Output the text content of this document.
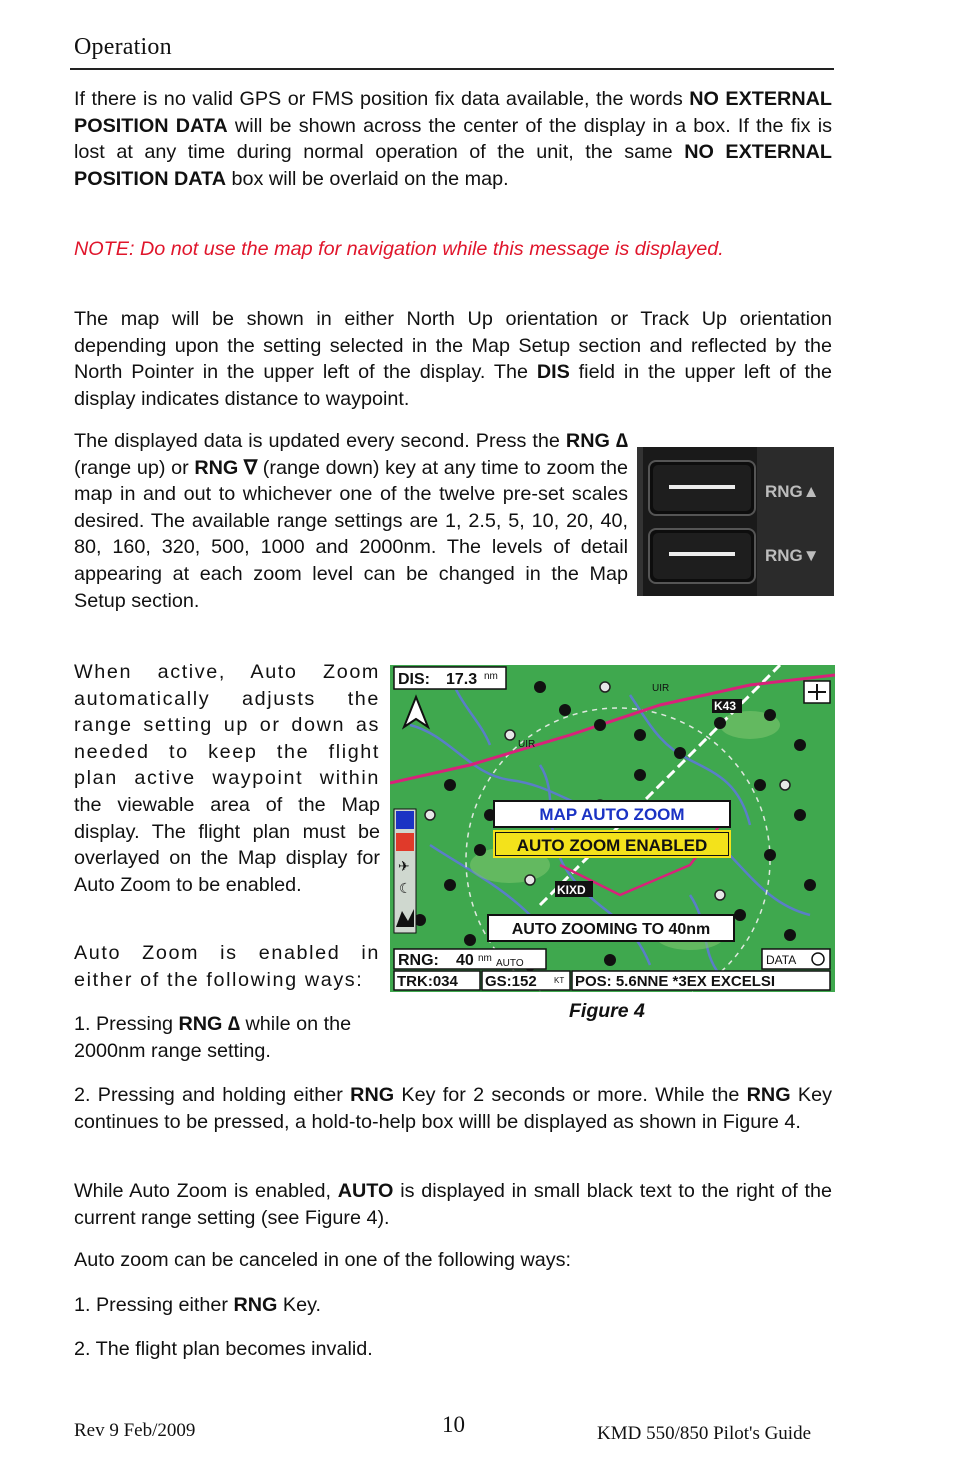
Operation

If there is no valid GPS or FMS position fix data available, the words NO EXTERNAL POSITION DATA will be shown across the center of the display in a box. If the fix is lost at any time during normal operation of the unit, the same NO EXTERNAL POSITION DATA box will be overlaid on the map.

NOTE: Do not use the map for navigation while this message is displayed.

The map will be shown in either North Up orientation or Track Up orientation depending upon the setting selected in the Map Setup section and reflected by the North Pointer in the upper left of the display. The DIS field in the upper left of the display indicates distance to waypoint.

The displayed data is updated every second. Press the RNG ∆ (range up) or RNG ∇ (range down) key at any time to zoom the map in and out to whichever one of the twelve pre-set scales desired. The available range settings are 1, 2.5, 5, 10, 20, 40, 80, 160, 320, 500, 1000 and 2000nm. The levels of detail appearing at each zoom level can be changed in the Map Setup section.

RNG▲
RNG▼

When active, Auto Zoom automatically adjusts the range setting up or down as needed to keep the flight plan active waypoint within the viewable area of the Map display. The flight plan must be overlayed on the Map display for Auto Zoom to be enabled.

Auto Zoom is enabled in either of the following ways:

1. Pressing RNG ∆ while on the 2000nm range setting.

DIS: 17.3 nm
K43
UIR
UIR
KIXD
✈
☾
MAP AUTO ZOOM
AUTO ZOOM ENABLED
AUTO ZOOMING TO 40nm
RNG: 40 nm AUTO	DATA
TRK:034 GS:152 KT POS: 5.6NNE *3EX EXCELSI
Figure 4

2. Pressing and holding either RNG Key for 2 seconds or more. While the RNG Key continues to be pressed, a hold-to-help box willl be displayed as shown in Figure 4.

While Auto Zoom is enabled, AUTO is displayed in small black text to the right of the current range setting (see Figure 4).

Auto zoom can be canceled in one of the following ways:

1. Pressing either RNG Key.

2. The flight plan becomes invalid.

Rev 9 Feb/2009	10	KMD 550/850 Pilot's Guide
